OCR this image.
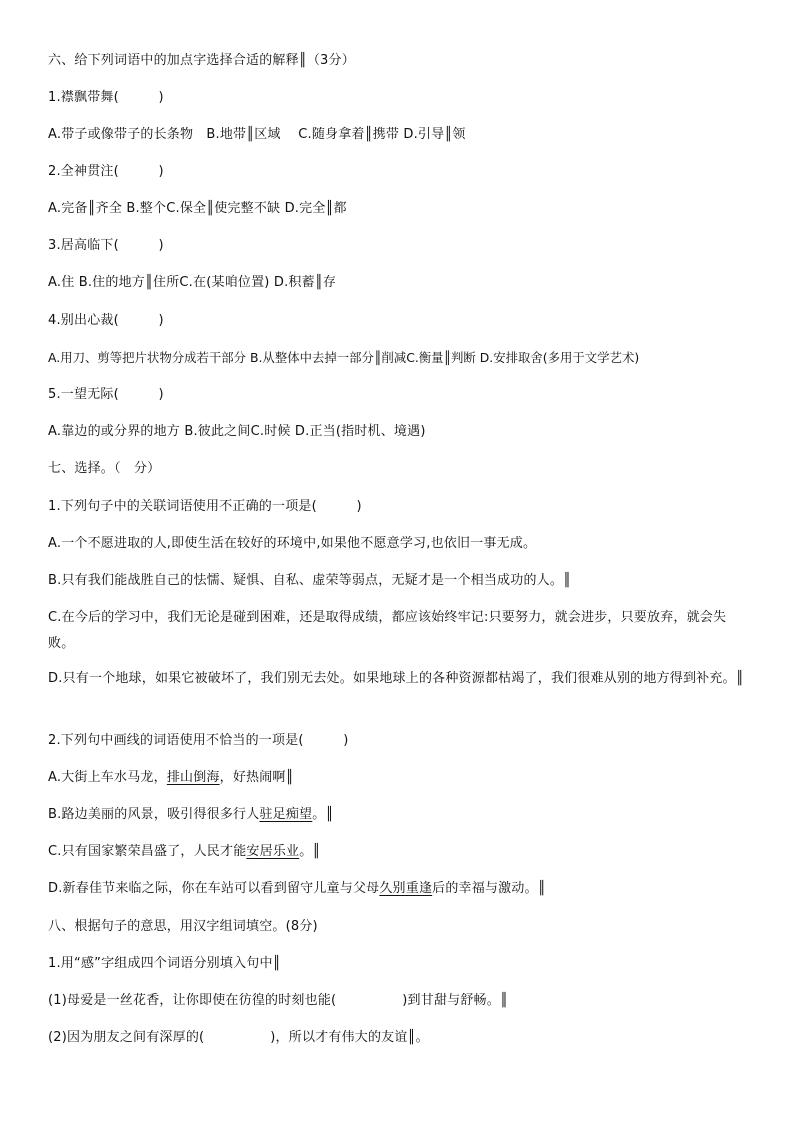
六、给下列词语中的加点字选择合适的解释║（3分）
1.襟飘带舞(　　　)
A.带子或像带子的长条物　B.地带║区域　 C.随身拿着║携带 D.引导║领
2.全神贯注(　　　)
A.完备║齐全 B.整个C.保全║使完整不缺 D.完全║都
3.居高临下(　　　)
A.住 B.住的地方║住所C.在(某咱位置) D.积蓄║存
4.别出心裁(　　　)
A.用刀、剪等把片状物分成若干部分 B.从整体中去掉一部分║削减C.衡量║判断 D.安排取舍(多用于文学艺术)
5.一望无际(　　　)
A.靠边的或分界的地方 B.彼此之间C.时候 D.正当(指时机、境遇)
七、选择。（　分）
1.下列句子中的关联词语使用不正确的一项是(　　　)
A.一个不愿进取的人,即使生活在较好的环境中,如果他不愿意学习,也依旧一事无成。
B.只有我们能战胜自己的怯懦、疑惧、自私、虚荣等弱点，无疑才是一个相当成功的人。║
C.在今后的学习中，我们无论是碰到困难，还是取得成绩，都应该始终牢记:只要努力，就会进步，只要放弃，就会失败。
D.只有一个地球，如果它被破坏了，我们别无去处。如果地球上的各种资源都枯竭了，我们很难从别的地方得到补充。║
2.下列句中画线的词语使用不恰当的一项是(　　　)
A.大街上车水马龙，排山倒海，好热闹啊║
B.路边美丽的风景，吸引得很多行人驻足痴望。║
C.只有国家繁荣昌盛了，人民才能安居乐业。║
D.新春佳节来临之际，你在车站可以看到留守儿童与父母久别重逢后的幸福与激动。║
八、根据句子的意思，用汉字组词填空。(8分)
1.用“感”字组成四个词语分别填入句中║
(1)母爱是一丝花香，让你即使在彷徨的时刻也能(　　　　　)到甘甜与舒畅。║
(2)因为朋友之间有深厚的(　　　　　)，所以才有伟大的友谊║。
